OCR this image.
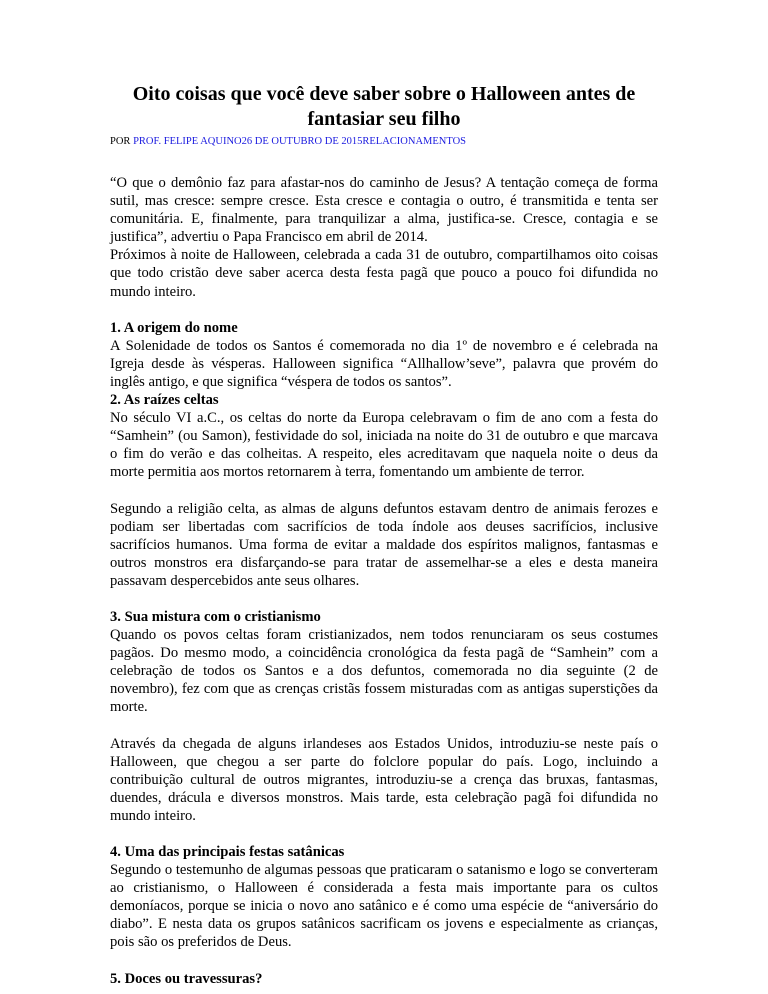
Oito coisas que você deve saber sobre o Halloween antes de fantasiar seu filho
POR PROF. FELIPE AQUINO26 DE OUTUBRO DE 2015RELACIONAMENTOS

“O que o demônio faz para afastar-nos do caminho de Jesus? A tentação começa de forma sutil, mas cresce: sempre cresce. Esta cresce e contagia o outro, é transmitida e tenta ser comunitária. E, finalmente, para tranquilizar a alma, justifica-se. Cresce, contagia e se justifica”, advertiu o Papa Francisco em abril de 2014.

Próximos à noite de Halloween, celebrada a cada 31 de outubro, compartilhamos oito coisas que todo cristão deve saber acerca desta festa pagã que pouco a pouco foi difundida no mundo inteiro.

1. A origem do nome

A Solenidade de todos os Santos é comemorada no dia 1º de novembro e é celebrada na Igreja desde às vésperas. Halloween significa “Allhallow’seve”, palavra que provém do inglês antigo, e que significa “véspera de todos os santos”.

2. As raízes celtas

No século VI a.C., os celtas do norte da Europa celebravam o fim de ano com a festa do “Samhein” (ou Samon), festividade do sol, iniciada na noite do 31 de outubro e que marcava o fim do verão e das colheitas. A respeito, eles acreditavam que naquela noite o deus da morte permitia aos mortos retornarem à terra, fomentando um ambiente de terror.

Segundo a religião celta, as almas de alguns defuntos estavam dentro de animais ferozes e podiam ser libertadas com sacrifícios de toda índole aos deuses sacrifícios, inclusive sacrifícios humanos. Uma forma de evitar a maldade dos espíritos malignos, fantasmas e outros monstros era disfarçando-se para tratar de assemelhar-se a eles e desta maneira passavam despercebidos ante seus olhares.

3. Sua mistura com o cristianismo

Quando os povos celtas foram cristianizados, nem todos renunciaram os seus costumes pagãos. Do mesmo modo, a coincidência cronológica da festa pagã de “Samhein” com a celebração de todos os Santos e a dos defuntos, comemorada no dia seguinte (2 de novembro), fez com que as crenças cristãs fossem misturadas com as antigas superstições da morte.

Através da chegada de alguns irlandeses aos Estados Unidos, introduziu-se neste país o Halloween, que chegou a ser parte do folclore popular do país. Logo, incluindo a contribuição cultural de outros migrantes, introduziu-se a crença das bruxas, fantasmas, duendes, drácula e diversos monstros. Mais tarde, esta celebração pagã foi difundida no mundo inteiro.

4. Uma das principais festas satânicas

Segundo o testemunho de algumas pessoas que praticaram o satanismo e logo se converteram ao cristianismo, o Halloween é considerada a festa mais importante para os cultos demoníacos, porque se inicia o novo ano satânico e é como uma espécie de “aniversário do diabo”. E nesta data os grupos satânicos sacrificam os jovens e especialmente as crianças, pois são os preferidos de Deus.

5. Doces ou travessuras?
